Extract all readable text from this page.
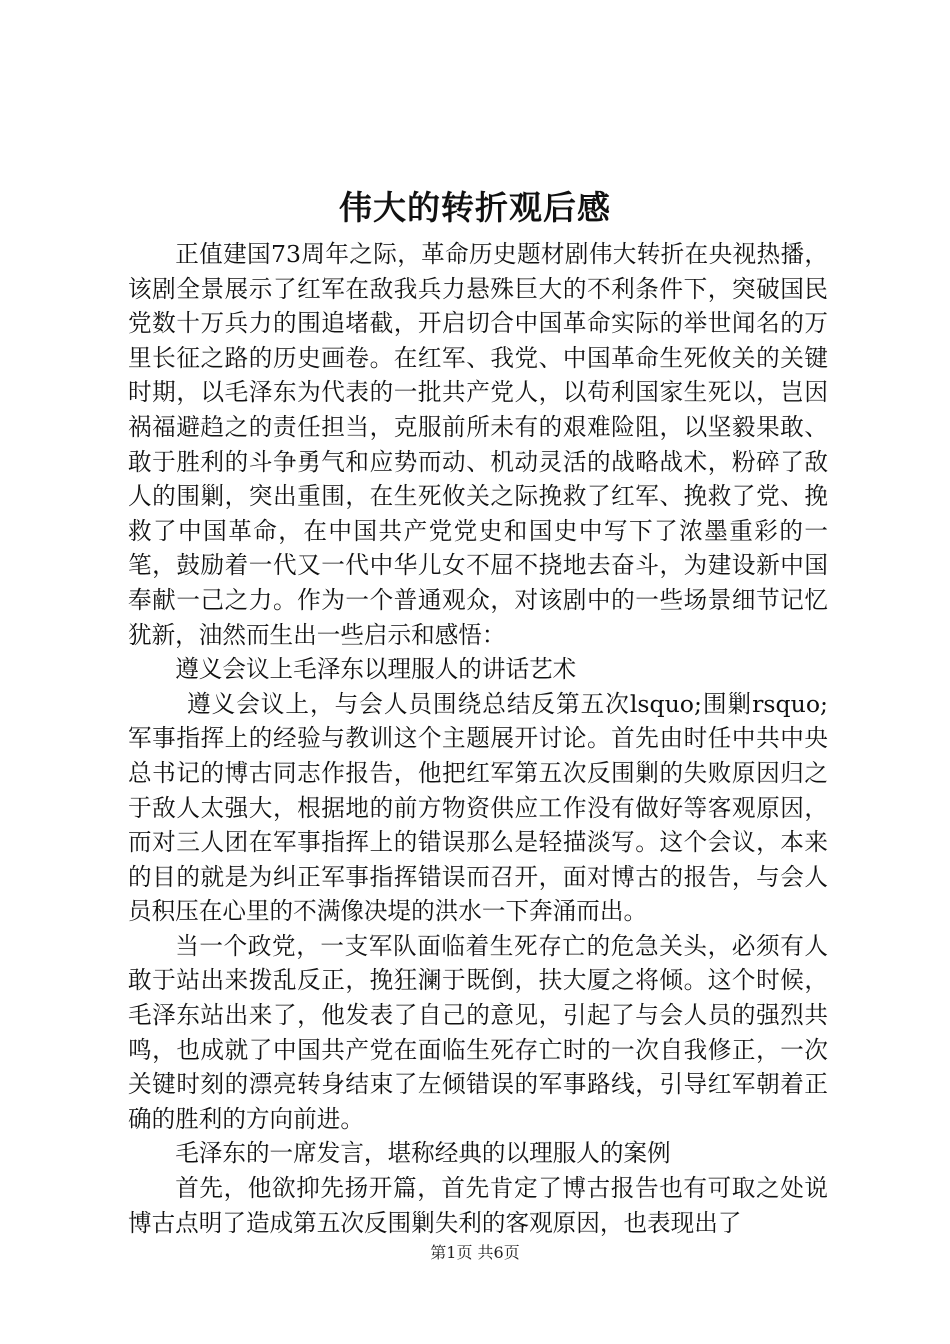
伟大的转折观后感

正值建国73周年之际，革命历史题材剧伟大转折在央视热播，该剧全景展示了红军在敌我兵力悬殊巨大的不利条件下，突破国民党数十万兵力的围追堵截，开启切合中国革命实际的举世闻名的万里长征之路的历史画卷。在红军、我党、中国革命生死攸关的关键时期，以毛泽东为代表的一批共产党人，以苟利国家生死以，岂因祸福避趋之的责任担当，克服前所未有的艰难险阻，以坚毅果敢、敢于胜利的斗争勇气和应势而动、机动灵活的战略战术，粉碎了敌人的围剿，突出重围，在生死攸关之际挽救了红军、挽救了党、挽救了中国革命，在中国共产党党史和国史中写下了浓墨重彩的一笔，鼓励着一代又一代中华儿女不屈不挠地去奋斗，为建设新中国奉献一己之力。作为一个普通观众，对该剧中的一些场景细节记忆犹新，油然而生出一些启示和感悟：

遵义会议上毛泽东以理服人的讲话艺术

遵义会议上，与会人员围绕总结反第五次lsquo;围剿rsquo;军事指挥上的经验与教训这个主题展开讨论。首先由时任中共中央总书记的博古同志作报告，他把红军第五次反围剿的失败原因归之于敌人太强大，根据地的前方物资供应工作没有做好等客观原因，而对三人团在军事指挥上的错误那么是轻描淡写。这个会议，本来的目的就是为纠正军事指挥错误而召开，面对博古的报告，与会人员积压在心里的不满像决堤的洪水一下奔涌而出。

当一个政党，一支军队面临着生死存亡的危急关头，必须有人敢于站出来拨乱反正，挽狂澜于既倒，扶大厦之将倾。这个时候，毛泽东站出来了，他发表了自己的意见，引起了与会人员的强烈共鸣，也成就了中国共产党在面临生死存亡时的一次自我修正，一次关键时刻的漂亮转身结束了左倾错误的军事路线，引导红军朝着正确的胜利的方向前进。

毛泽东的一席发言，堪称经典的以理服人的案例

首先，他欲抑先扬开篇，首先肯定了博古报告也有可取之处说博古点明了造成第五次反围剿失利的客观原因，也表现出了

第1页 共6页
